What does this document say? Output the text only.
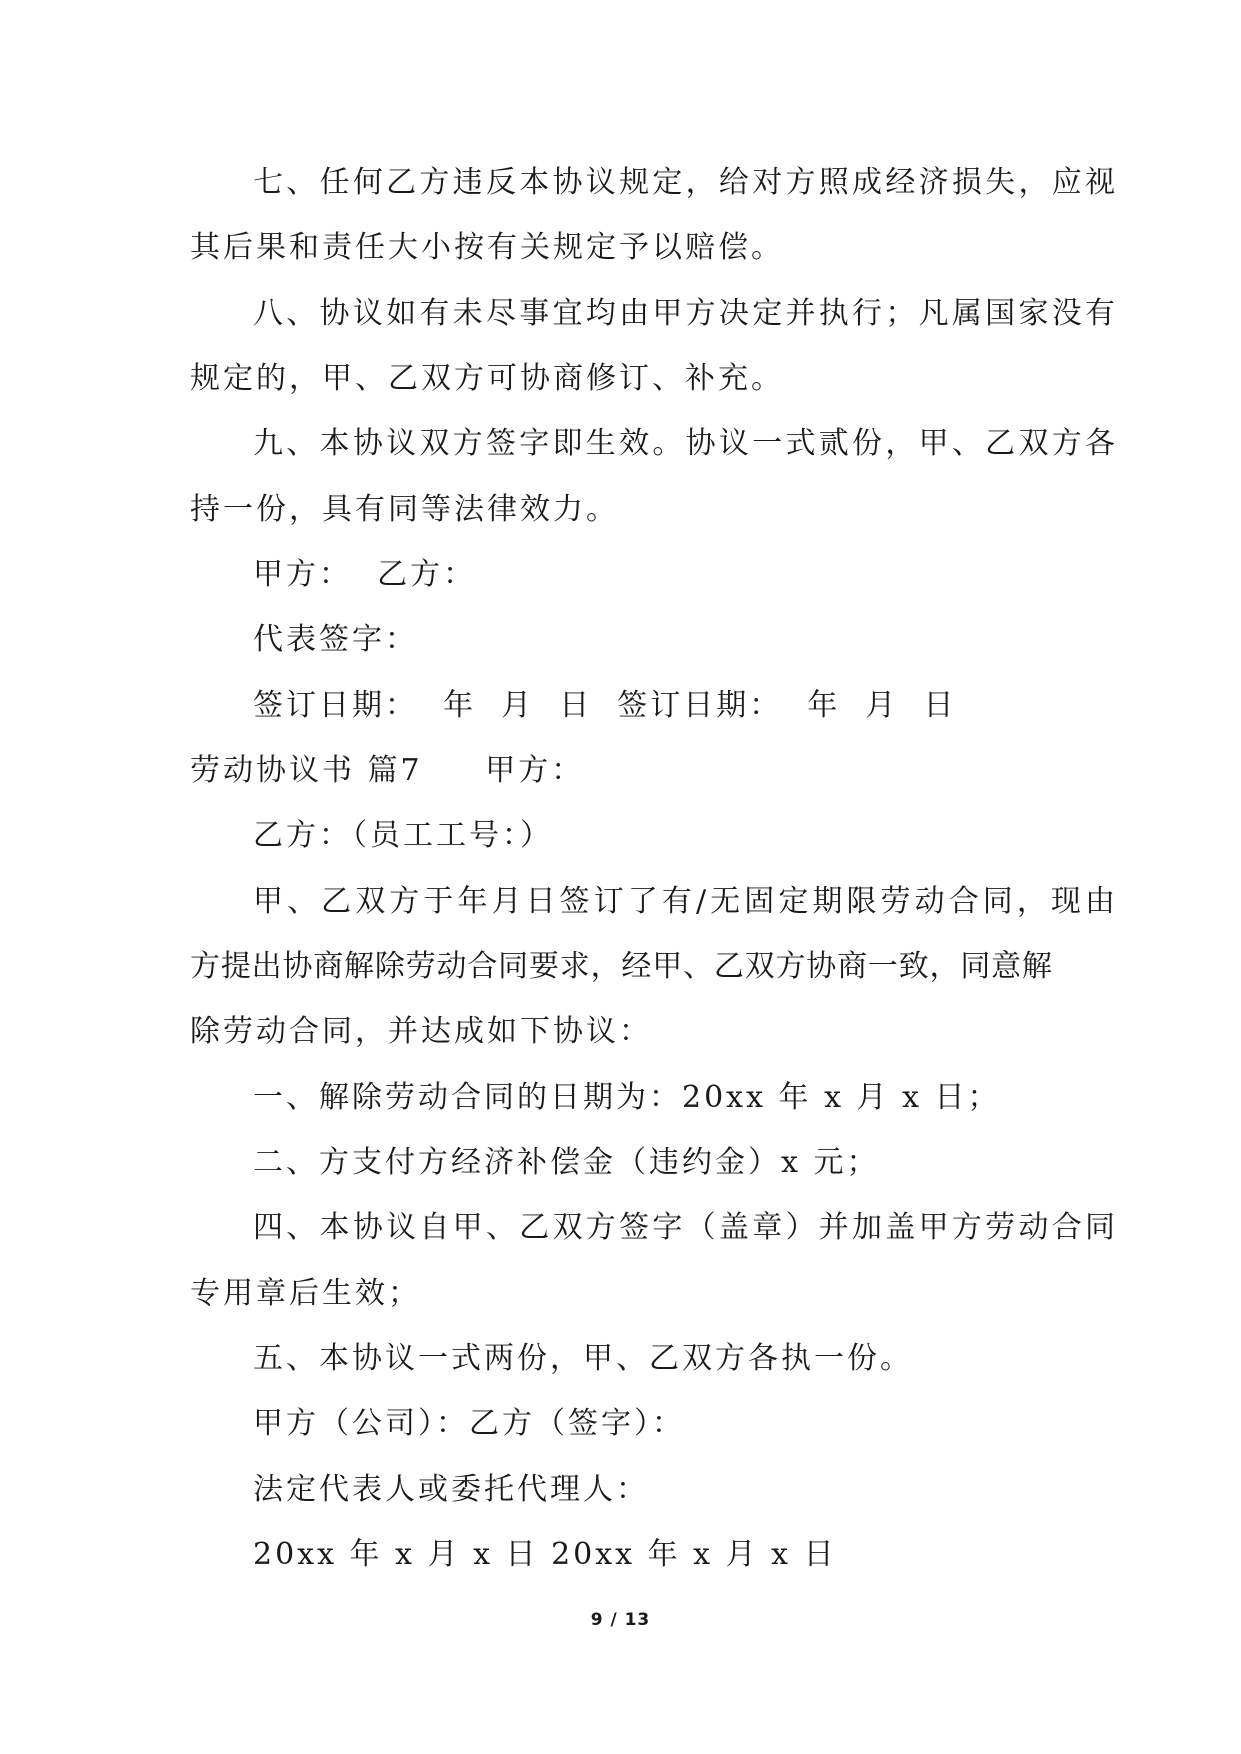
七、任何乙方违反本协议规定，给对方照成经济损失，应视
其后果和责任大小按有关规定予以赔偿。
八、协议如有未尽事宜均由甲方决定并执行；凡属国家没有
规定的，甲、乙双方可协商修订、补充。
九、本协议双方签字即生效。协议一式贰份，甲、乙双方各
持一份，具有同等法律效力。
甲方：  乙方：
代表签字：
签订日期：  年  月  日  签订日期：  年  月  日
劳动协议书 篇7     甲方：
乙方：（员工工号：）
甲、乙双方于年月日签订了有/无固定期限劳动合同，现由
方提出协商解除劳动合同要求，经甲、乙双方协商一致，同意解
除劳动合同，并达成如下协议：
一、解除劳动合同的日期为：20xx 年 x 月 x 日；
二、方支付方经济补偿金（违约金）x 元；
四、本协议自甲、乙双方签字（盖章）并加盖甲方劳动合同
专用章后生效；
五、本协议一式两份，甲、乙双方各执一份。
甲方（公司）：乙方（签字）：
法定代表人或委托代理人：
20xx 年 x 月 x 日 20xx 年 x 月 x 日
9 / 13
